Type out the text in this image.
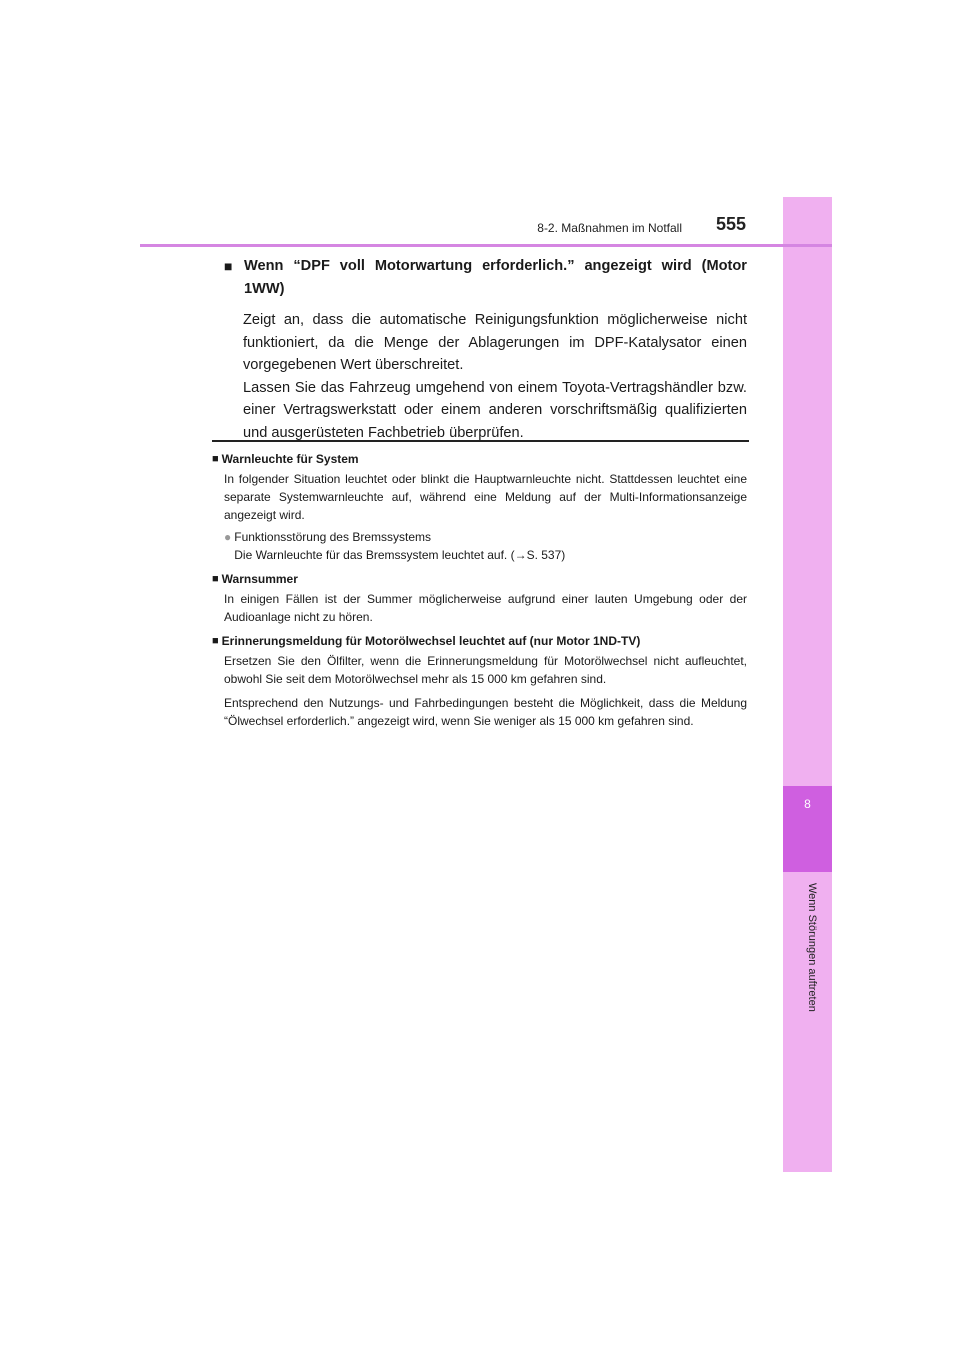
8
Wenn Störungen auftreten
8-2. Maßnahmen im Notfall 555
■ Wenn “DPF voll Motorwartung erforderlich.” angezeigt wird (Motor 1WW)

Zeigt an, dass die automatische Reinigungsfunktion möglicherweise nicht funktioniert, da die Menge der Ablagerungen im DPF-Katalysator einen vorgegebenen Wert überschreitet.

Lassen Sie das Fahrzeug umgehend von einem Toyota-Vertragshändler bzw. einer Vertragswerkstatt oder einem anderen vorschriftsmäßig qualifizierten und ausgerüsteten Fachbetrieb überprüfen.

■ Warnleuchte für System
In folgender Situation leuchtet oder blinkt die Hauptwarnleuchte nicht. Stattdessen leuchtet eine separate Systemwarnleuchte auf, während eine Meldung auf der Multi-Informationsanzeige angezeigt wird.
● Funktionsstörung des Bremssystems
Die Warnleuchte für das Bremssystem leuchtet auf. (→S. 537)
■ Warnsummer
In einigen Fällen ist der Summer möglicherweise aufgrund einer lauten Umgebung oder der Audioanlage nicht zu hören.
■ Erinnerungsmeldung für Motorölwechsel leuchtet auf (nur Motor 1ND-TV)
Ersetzen Sie den Ölfilter, wenn die Erinnerungsmeldung für Motorölwechsel nicht aufleuchtet, obwohl Sie seit dem Motorölwechsel mehr als 15 000 km gefahren sind.
Entsprechend den Nutzungs- und Fahrbedingungen besteht die Möglichkeit, dass die Meldung “Ölwechsel erforderlich.” angezeigt wird, wenn Sie weniger als 15 000 km gefahren sind.
